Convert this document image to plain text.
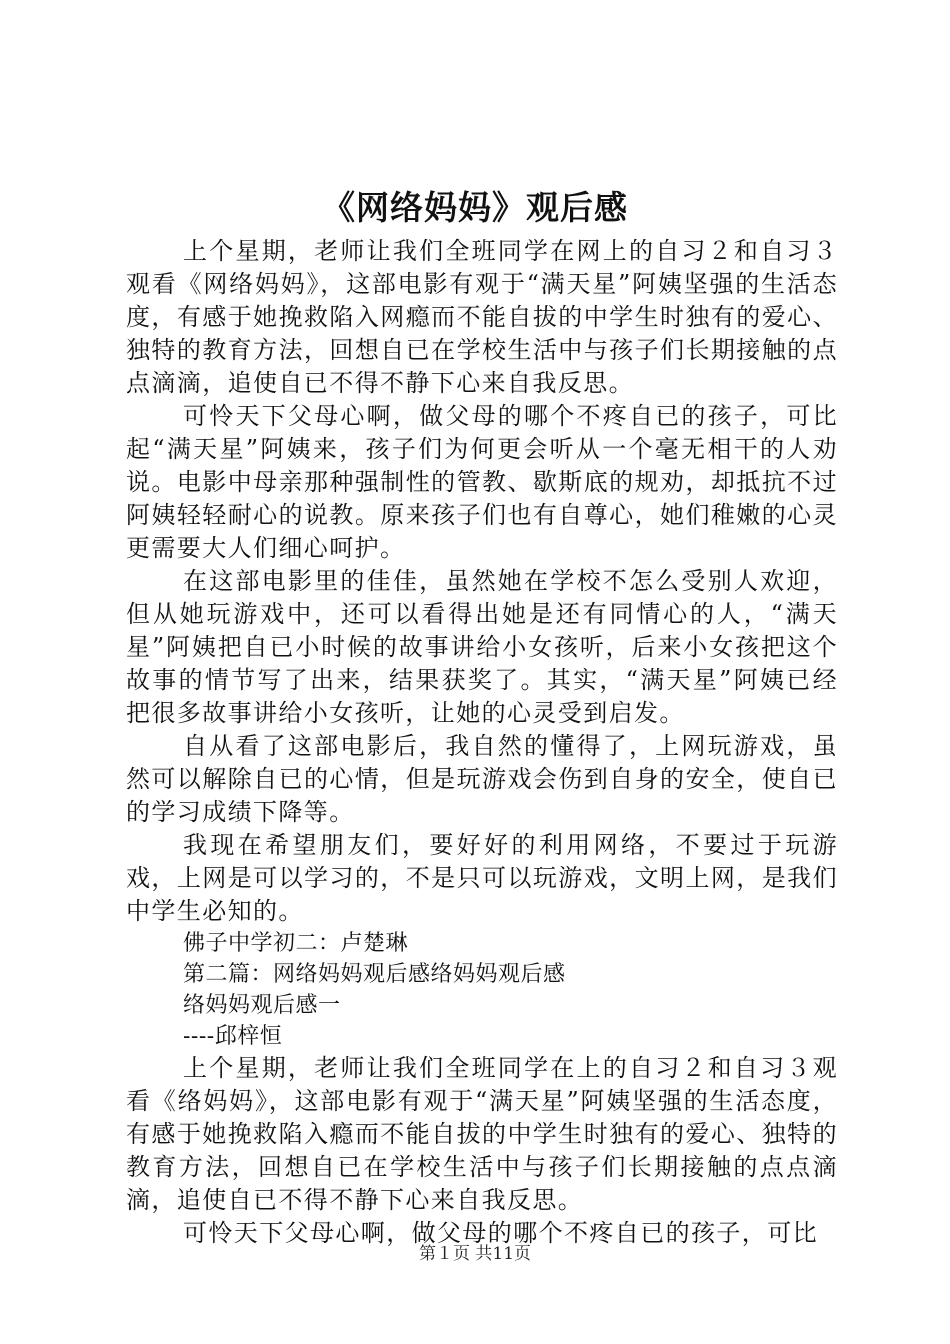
《网络妈妈》观后感

上个星期，老师让我们全班同学在网上的自习２和自习３观看《网络妈妈》，这部电影有观于“满天星”阿姨坚强的生活态度，有感于她挽救陷入网瘾而不能自拔的中学生时独有的爱心、独特的教育方法，回想自已在学校生活中与孩子们长期接触的点点滴滴，追使自已不得不静下心来自我反思。

可怜天下父母心啊，做父母的哪个不疼自已的孩子，可比起“满天星”阿姨来，孩子们为何更会听从一个毫无相干的人劝说。电影中母亲那种强制性的管教、歇斯底的规劝，却抵抗不过阿姨轻轻耐心的说教。原来孩子们也有自尊心，她们稚嫩的心灵更需要大人们细心呵护。

在这部电影里的佳佳，虽然她在学校不怎么受别人欢迎，但从她玩游戏中，还可以看得出她是还有同情心的人，“满天星”阿姨把自已小时候的故事讲给小女孩听，后来小女孩把这个故事的情节写了出来，结果获奖了。其实，“满天星”阿姨已经把很多故事讲给小女孩听，让她的心灵受到启发。

自从看了这部电影后，我自然的懂得了，上网玩游戏，虽然可以解除自已的心情，但是玩游戏会伤到自身的安全，使自已的学习成绩下降等。

我现在希望朋友们，要好好的利用网络，不要过于玩游戏，上网是可以学习的，不是只可以玩游戏，文明上网，是我们中学生必知的。

佛子中学初二：卢楚琳

第二篇：网络妈妈观后感络妈妈观后感

络妈妈观后感一

----邱梓恒

上个星期，老师让我们全班同学在上的自习２和自习３观看《络妈妈》，这部电影有观于“满天星”阿姨坚强的生活态度，有感于她挽救陷入瘾而不能自拔的中学生时独有的爱心、独特的教育方法，回想自已在学校生活中与孩子们长期接触的点点滴滴，追使自已不得不静下心来自我反思。

可怜天下父母心啊，做父母的哪个不疼自已的孩子，可比

第１页 共11页
